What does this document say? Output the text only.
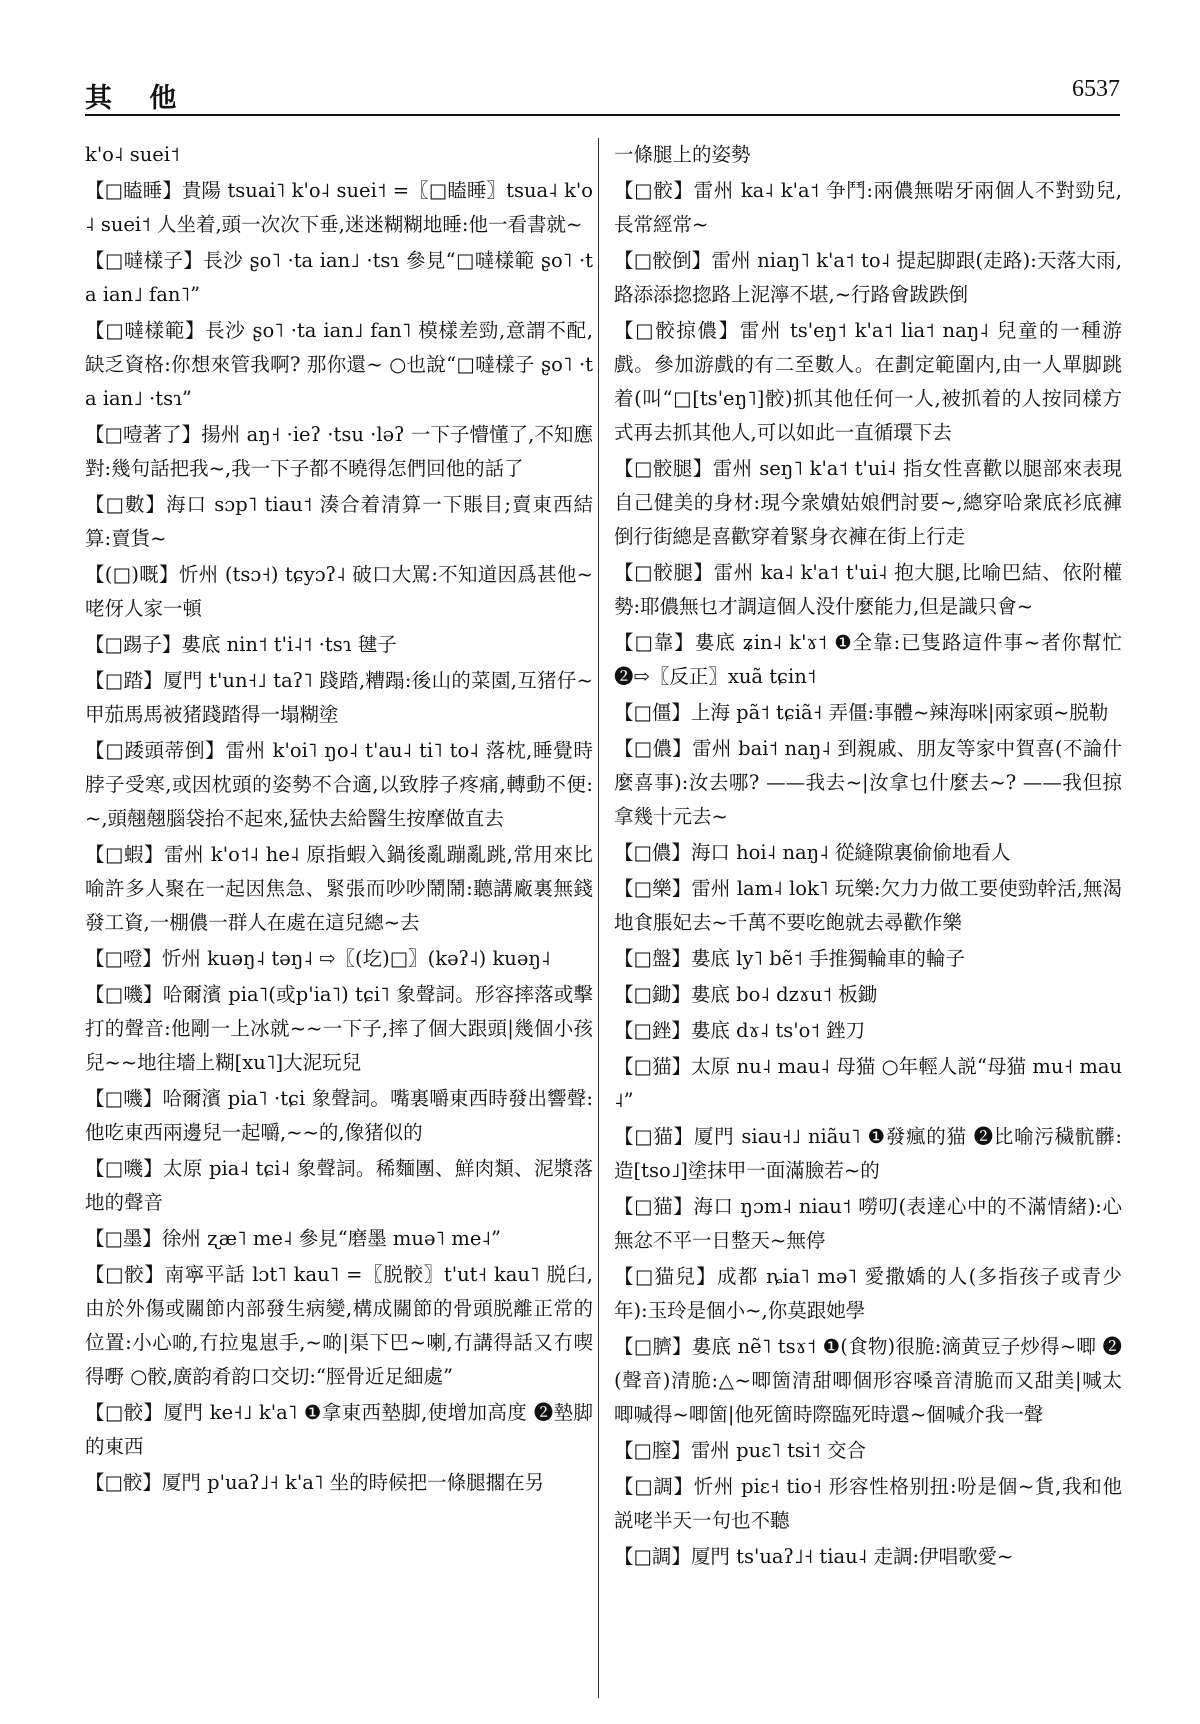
其 他	6537

k'o˨ suei˦

【□瞌睡】貴陽 tsuai˥ k'o˨ suei˦ =〖□瞌睡〗tsua˨ k'o˨ suei˦ 人坐着,頭一次次下垂,迷迷糊糊地睡:他一看書就~

【□噠樣子】長沙 ʂo˥ ·ta ian˩ ·tsɿ 參見“□噠樣範 ʂo˥ ·ta ian˩ fan˥”

【□噠樣範】長沙 ʂo˥ ·ta ian˩ fan˥ 模樣差勁,意謂不配,缺乏資格:你想來管我啊? 那你還~ ○也說“□噠樣子 ʂo˥ ·ta ian˩ ·tsɿ”

【□噎著了】揚州 aŋ˧ ·ieʔ ·tsu ·ləʔ 一下子懵懂了,不知應對:幾句話把我~,我一下子都不曉得怎們回他的話了

【□數】海口 sɔp˥ tiau˦ 湊合着清算一下賬目;賣東西結算:賣貨~

【(□)嘅】忻州 (tsɔ˧) tɕyɔʔ˨ 破口大罵:不知道因爲甚他~咾伢人家一頓

【□踢子】婁底 nin˦ t'i˨˦ ·tsɿ 毽子

【□踏】厦門 t'un˧˩ taʔ˥ 踐踏,糟蹋:後山的菜園,互猪仔~甲茄馬馬被猪踐踏得一塌糊塗

【□踒頭蒂倒】雷州 k'oi˥ ŋo˨ t'au˨ ti˥ to˨ 落枕,睡覺時脖子受寒,或因枕頭的姿勢不合適,以致脖子疼痛,轉動不便:~,頭翹翹腦袋抬不起來,猛快去給醫生按摩做直去

【□蝦】雷州 k'o˦˨ he˨ 原指蝦入鍋後亂蹦亂跳,常用來比喻許多人聚在一起因焦急、緊張而吵吵鬧鬧:聽講廠裏無錢發工資,一棚儂一群人在處在這兒總~去

【□噔】忻州 kuəŋ˨ təŋ˨ ⇨〖(圪)□〗(kəʔ˨) kuəŋ˨

【□嘰】哈爾濱 pia˥(或p'ia˥) tɕi˥ 象聲詞。形容摔落或擊打的聲音:他剛一上冰就~~一下子,摔了個大跟頭|幾個小孩兒~~地往墻上糊[xu˥]大泥玩兒

【□嘰】哈爾濱 pia˥ ·tɕi 象聲詞。嘴裏嚼東西時發出響聲:他吃東西兩邊兒一起嚼,~~的,像猪似的

【□嘰】太原 pia˨ tɕi˨ 象聲詞。稀麵團、鮮肉類、泥漿落地的聲音

【□墨】徐州 ʐæ˥ me˨ 參見“磨墨 muə˥ me˨”

【□骹】南寧平話 lɔt˥ kau˥ =〖脱骹〗t'ut˧ kau˥ 脱臼,由於外傷或關節内部發生病變,構成關節的骨頭脱離正常的位置:小心啲,冇拉鬼崽手,~啲|渠下巴~喇,冇講得話又冇喫得嘢 ○骹,廣韵肴韵口交切:“脛骨近足細處”

【□骹】厦門 ke˧˩ k'a˥ ❶拿東西墊脚,使增加高度 ❷墊脚的東西

【□骹】厦門 p'uaʔ˩˧ k'a˥ 坐的時候把一條腿擱在另

一條腿上的姿勢

【□骹】雷州 ka˨ k'a˦ 争鬥:兩儂無啱牙兩個人不對勁兒,長常經常~

【□骹倒】雷州 niaŋ˥ k'a˦ to˨ 提起脚跟(走路):天落大雨,路添添㧾㧾路上泥濘不堪,~行路會跋跌倒

【□骹掠儂】雷州 ts'eŋ˦ k'a˦ lia˦ naŋ˨ 兒童的一種游戲。參加游戲的有二至數人。在劃定範圍内,由一人單脚跳着(叫“□[ts'eŋ˥]骹)抓其他任何一人,被抓着的人按同樣方式再去抓其他人,可以如此一直循環下去

【□骹腿】雷州 seŋ˥ k'a˦ t'ui˨ 指女性喜歡以腿部來表現自己健美的身材:現今衆嬇姑娘們討要~,總穿哈衆底衫底褲倒行街總是喜歡穿着緊身衣褲在街上行走

【□骹腿】雷州 ka˨ k'a˦ t'ui˨ 抱大腿,比喻巴結、依附權勢:耶儂無乜才調這個人没什麼能力,但是識只會~

【□靠】婁底 ʑin˨ k'ɤ˦ ❶全靠:已隻路這件事~者你幫忙 ❷⇨〖反正〗xuã tɕin˦

【□僵】上海 pã˦ tɕiã˧ 弄僵:事體~辣海咪|兩家頭~脱勒

【□儂】雷州 bai˦ naŋ˨ 到親戚、朋友等家中賀喜(不論什麼喜事):汝去哪? ——我去~|汝拿乜什麼去~? ——我但掠拿幾十元去~

【□儂】海口 hoi˨ naŋ˨ 從縫隙裏偷偷地看人

【□樂】雷州 lam˨ lok˥ 玩樂:欠力力做工要使勁幹活,無渴地食脹妃去~千萬不要吃飽就去尋歡作樂

【□盤】婁底 ly˥ bẽ˦ 手推獨輪車的輪子

【□鋤】婁底 bo˨ dzɤu˦ 板鋤

【□銼】婁底 dɤ˨ ts'o˦ 銼刀

【□猫】太原 nu˨ mau˨ 母猫 ○年輕人説“母猫 mu˧ mau˨”

【□猫】厦門 siau˧˩ niãu˥ ❶發瘋的猫 ❷比喻污穢骯髒:造[tso˩]塗抹甲一面滿臉若~的

【□猫】海口 ŋɔm˨ niau˦ 嘮叨(表達心中的不滿情緒):心無忿不平一日整天~無停

【□猫兒】成都 ȵia˥ mə˥ 愛撒嬌的人(多指孩子或青少年):玉玲是個小~,你莫跟她學

【□臍】婁底 nẽ˥ tsɤ˦ ❶(食物)很脆:滴黄豆子炒得~唧 ❷(聲音)清脆:△~唧箇清甜唧個形容嗓音清脆而又甜美|喊太唧喊得~唧箇|他死箇時際臨死時還~個喊介我一聲

【□膣】雷州 puɛ˥ tsi˦ 交合

【□調】忻州 piɛ˧ tio˧ 形容性格别扭:吩是個~貨,我和他説咾半天一句也不聽

【□調】厦門 ts'uaʔ˩˧ tiau˨ 走調:伊唱歌愛~
